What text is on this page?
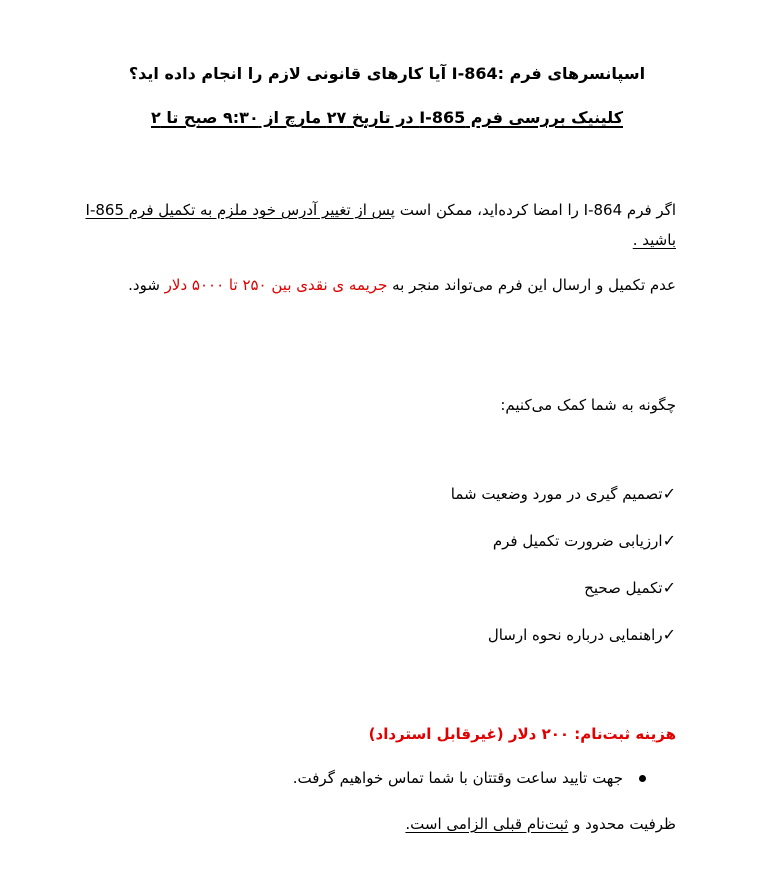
اسپانسرهای فرم :I-864 آیا کارهای قانونی لازم را انجام داده اید؟
کلینیک بررسی فرم I-865 در تاریخ ۲۷ مارچ از ۹:۳۰ صبح تا ۲
اگر فرم I-864 را امضا کرده‌اید، ممکن است پس از تغییر آدرس خود ملزم به تکمیل فرم I-865 باشید .
عدم تکمیل و ارسال این فرم می‌تواند منجر به جریمه ی نقدی بین ۲۵۰ تا ۵۰۰۰ دلار شود.
چگونه به شما کمک می‌کنیم:
✓
تصمیم گیری در مورد وضعیت شما
✓
ارزیابی ضرورت تکمیل فرم
✓
تکمیل صحیح
✓
راهنمایی درباره نحوه ارسال
هزینه ثبت‌نام: ۲۰۰ دلار (غیرقابل استرداد)
جهت تایید ساعت وقتتان با شما تماس خواهیم گرفت.
ظرفیت محدود و ثبت‌نام قبلی الزامی است.
